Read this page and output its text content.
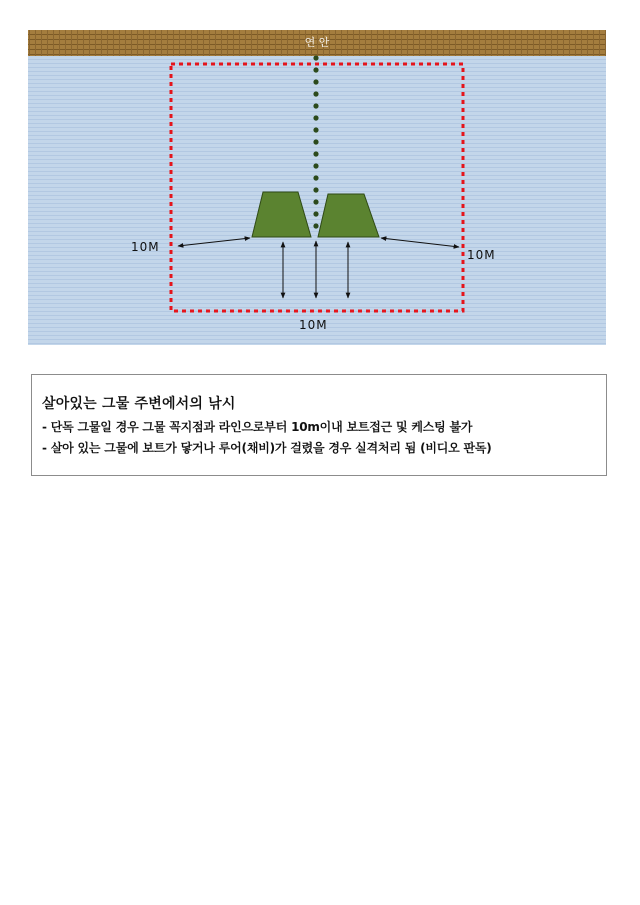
연 안
10M
10M
10M
살아있는 그물 주변에서의 낚시
- 단독 그물일 경우 그물 꼭지점과 라인으로부터 10m이내 보트접근 및 케스팅 불가
- 살아 있는 그물에 보트가 닿거나 루어(채비)가 걸렸을 경우 실격처리 됨 (비디오 판독)
